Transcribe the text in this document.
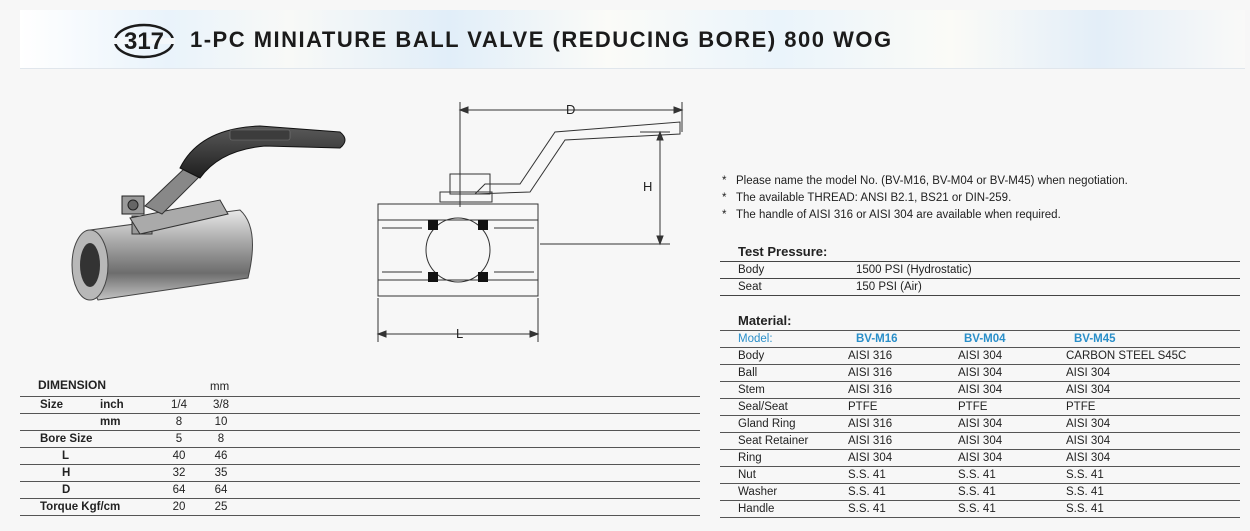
317 1-PC MINIATURE BALL VALVE (REDUCING BORE) 800 WOG
D
H
L
* Please name the model No. (BV-M16, BV-M04 or BV-M45) when negotiation.
* The available THREAD: ANSI B2.1, BS21 or DIN-259.
* The handle of AISI 316 or AISI 304 are available when required.
Test Pressure:
Body	1500 PSI (Hydrostatic)
Seat	150 PSI (Air)
Material:
Model:	BV-M16	BV-M04	BV-M45
Body	AISI 316	AISI 304	CARBON STEEL S45C
Ball	AISI 316	AISI 304	AISI 304
Stem	AISI 316	AISI 304	AISI 304
Seal/Seat	PTFE	PTFE	PTFE
Gland Ring	AISI 316	AISI 304	AISI 304
Seat Retainer	AISI 316	AISI 304	AISI 304
Ring	AISI 304	AISI 304	AISI 304
Nut	S.S. 41	S.S. 41	S.S. 41
Washer	S.S. 41	S.S. 41	S.S. 41
Handle	S.S. 41	S.S. 41	S.S. 41
DIMENSION	mm
Size	inch	1/4	3/8	
	mm	8	10	
Bore Size		5	8	
L		40	46	
H		32	35	
D		64	64	
Torque Kgf/cm		20	25	
